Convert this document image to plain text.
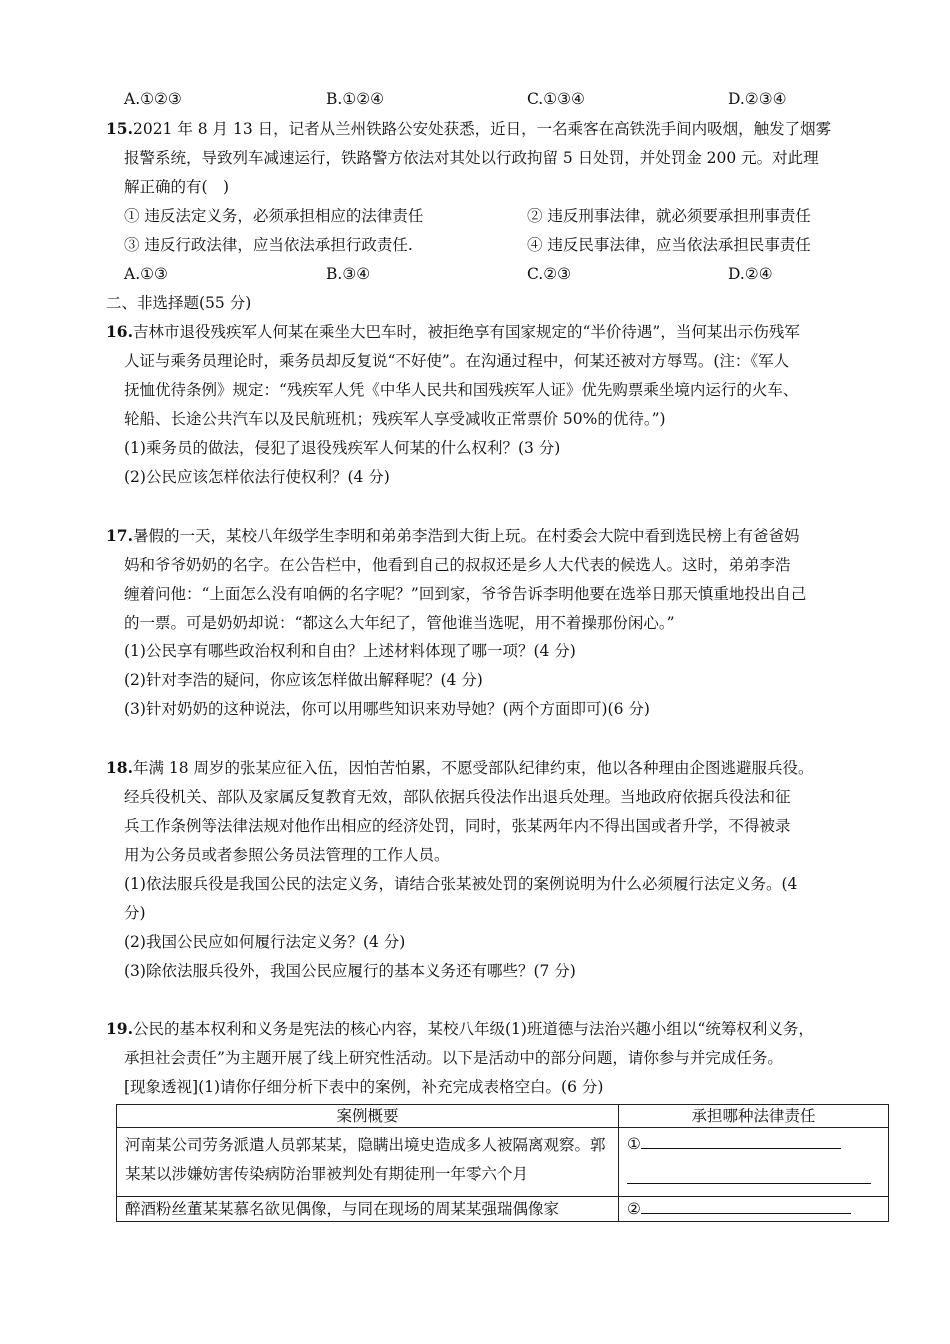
A.①②③	B.①②④	C.①③④	D.②③④
15.2021 年 8 月 13 日，记者从兰州铁路公安处获悉，近日，一名乘客在高铁洗手间内吸烟，触发了烟雾
报警系统，导致列车减速运行，铁路警方依法对其处以行政拘留 5 日处罚，并处罚金 200 元。对此理
解正确的有(　)
① 违反法定义务，必须承担相应的法律责任	② 违反刑事法律，就必须要承担刑事责任
③ 违反行政法律，应当依法承担行政责任.	④ 违反民事法律，应当依法承担民事责任
A.①③	B.③④	C.②③	D.②④
二、非选择题(55 分)
16.吉林市退役残疾军人何某在乘坐大巴车时，被拒绝享有国家规定的“半价待遇”，当何某出示伤残军
人证与乘务员理论时，乘务员却反复说“不好使”。在沟通过程中，何某还被对方辱骂。(注：《军人
抚恤优待条例》规定：“残疾军人凭《中华人民共和国残疾军人证》优先购票乘坐境内运行的火车、
轮船、长途公共汽车以及民航班机；残疾军人享受减收正常票价 50%的优待。”)
(1)乘务员的做法，侵犯了退役残疾军人何某的什么权利？(3 分)
(2)公民应该怎样依法行使权利？(4 分)
17.暑假的一天，某校八年级学生李明和弟弟李浩到大街上玩。在村委会大院中看到选民榜上有爸爸妈
妈和爷爷奶奶的名字。在公告栏中，他看到自己的叔叔还是乡人大代表的候选人。这时，弟弟李浩
缠着问他：“上面怎么没有咱俩的名字呢？”回到家，爷爷告诉李明他要在选举日那天慎重地投出自己
的一票。可是奶奶却说：“都这么大年纪了，管他谁当选呢，用不着操那份闲心。”
(1)公民享有哪些政治权利和自由？上述材料体现了哪一项？(4 分)
(2)针对李浩的疑问，你应该怎样做出解释呢？(4 分)
(3)针对奶奶的这种说法，你可以用哪些知识来劝导她？(两个方面即可)(6 分)
18.年满 18 周岁的张某应征入伍，因怕苦怕累，不愿受部队纪律约束，他以各种理由企图逃避服兵役。
经兵役机关、部队及家属反复教育无效，部队依据兵役法作出退兵处理。当地政府依据兵役法和征
兵工作条例等法律法规对他作出相应的经济处罚，同时，张某两年内不得出国或者升学，不得被录
用为公务员或者参照公务员法管理的工作人员。
(1)依法服兵役是我国公民的法定义务，请结合张某被处罚的案例说明为什么必须履行法定义务。(4
分)
(2)我国公民应如何履行法定义务？(4 分)
(3)除依法服兵役外，我国公民应履行的基本义务还有哪些？(7 分)
19.公民的基本权利和义务是宪法的核心内容，某校八年级(1)班道德与法治兴趣小组以“统筹权利义务，
承担社会责任”为主题开展了线上研究性活动。以下是活动中的部分问题，请你参与并完成任务。
[现象透视](1)请你仔细分析下表中的案例，补充完成表格空白。(6 分)
案例概要	承担哪种法律责任
河南某公司劳务派遣人员郭某某，隐瞒出境史造成多人被隔离观察。郭某某以涉嫌妨害传染病防治罪被判处有期徒刑一年零六个月	①

醉酒粉丝董某某慕名欲见偶像，与同在现场的周某某强瑞偶像家	②
